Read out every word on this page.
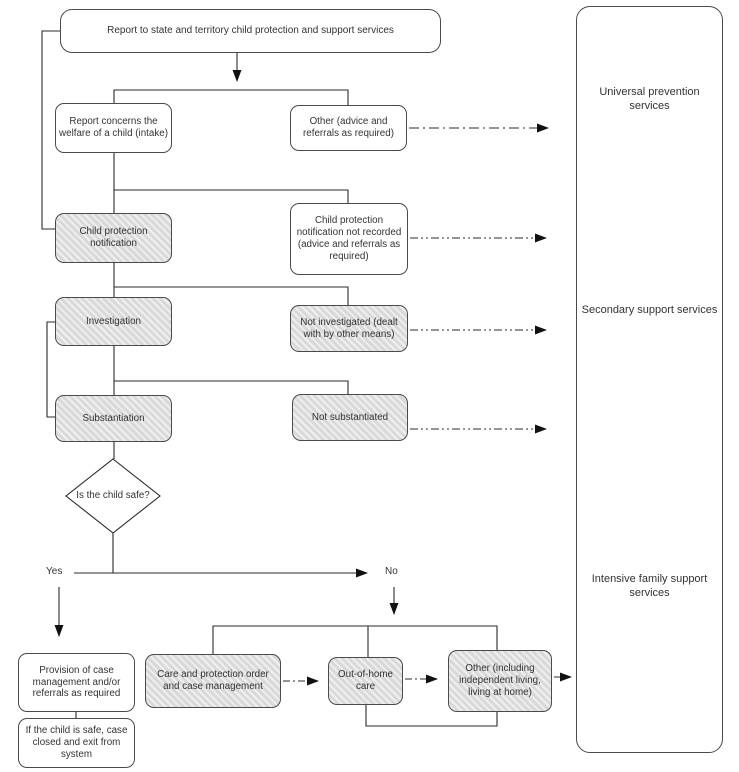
Report to state and territory child protection and support services
Report concerns the welfare of a child (intake)
Other (advice and referrals as required)
Child protection notification
Child protection notification not recorded (advice and referrals as required)
Investigation	Not investigated (dealt with by other means)
Substantiation	Not substantiated
Is the child safe?
Yes	No
Provision of case management and/or referrals as required
If the child is safe, case closed and exit from system
Care and protection order and case management
Out-of-home care
Other (including independent living, living at home)
Universal prevention services
Secondary support services
Intensive family support services
